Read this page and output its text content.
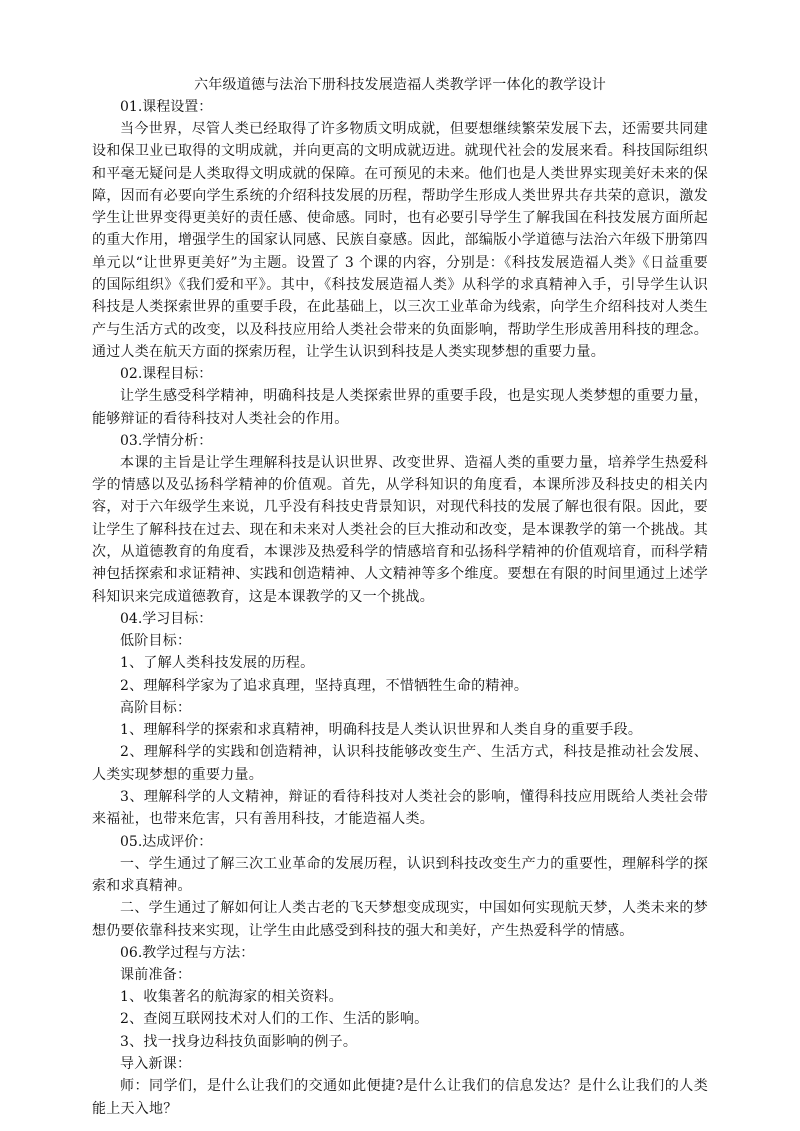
六年级道德与法治下册科技发展造福人类教学评一体化的教学设计
01.课程设置：
当今世界，尽管人类已经取得了许多物质文明成就，但要想继续繁荣发展下去，还需要共同建设和保卫业已取得的文明成就，并向更高的文明成就迈进。就现代社会的发展来看。科技国际组织和平毫无疑问是人类取得文明成就的保障。在可预见的未来。他们也是人类世界实现美好未来的保障，因而有必要向学生系统的介绍科技发展的历程，帮助学生形成人类世界共存共荣的意识，激发学生让世界变得更美好的责任感、使命感。同时，也有必要引导学生了解我国在科技发展方面所起的重大作用，增强学生的国家认同感、民族自豪感。因此，部编版小学道德与法治六年级下册第四单元以“让世界更美好”为主题。设置了 3 个课的内容，分别是：《科技发展造福人类》《日益重要的国际组织》《我们爱和平》。其中，《科技发展造福人类》从科学的求真精神入手，引导学生认识科技是人类探索世界的重要手段，在此基础上，以三次工业革命为线索，向学生介绍科技对人类生产与生活方式的改变，以及科技应用给人类社会带来的负面影响，帮助学生形成善用科技的理念。通过人类在航天方面的探索历程，让学生认识到科技是人类实现梦想的重要力量。
02.课程目标：
让学生感受科学精神，明确科技是人类探索世界的重要手段，也是实现人类梦想的重要力量，能够辩证的看待科技对人类社会的作用。
03.学情分析：
本课的主旨是让学生理解科技是认识世界、改变世界、造福人类的重要力量，培养学生热爱科学的情感以及弘扬科学精神的价值观。首先，从学科知识的角度看，本课所涉及科技史的相关内容，对于六年级学生来说，几乎没有科技史背景知识，对现代科技的发展了解也很有限。因此，要让学生了解科技在过去、现在和未来对人类社会的巨大推动和改变，是本课教学的第一个挑战。其次，从道德教育的角度看，本课涉及热爱科学的情感培育和弘扬科学精神的价值观培育，而科学精神包括探索和求证精神、实践和创造精神、人文精神等多个维度。要想在有限的时间里通过上述学科知识来完成道德教育，这是本课教学的又一个挑战。
04.学习目标：
低阶目标：
1、了解人类科技发展的历程。
2、理解科学家为了追求真理，坚持真理，不惜牺牲生命的精神。
高阶目标：
1、理解科学的探索和求真精神，明确科技是人类认识世界和人类自身的重要手段。
2、理解科学的实践和创造精神，认识科技能够改变生产、生活方式，科技是推动社会发展、人类实现梦想的重要力量。
3、理解科学的人文精神，辩证的看待科技对人类社会的影响，懂得科技应用既给人类社会带来福祉，也带来危害，只有善用科技，才能造福人类。
05.达成评价：
一、学生通过了解三次工业革命的发展历程，认识到科技改变生产力的重要性，理解科学的探索和求真精神。
二、学生通过了解如何让人类古老的飞天梦想变成现实，中国如何实现航天梦，人类未来的梦想仍要依靠科技来实现，让学生由此感受到科技的强大和美好，产生热爱科学的情感。
06.教学过程与方法：
课前准备：
1、收集著名的航海家的相关资料。
2、查阅互联网技术对人们的工作、生活的影响。
3、找一找身边科技负面影响的例子。
导入新课：
师：同学们，是什么让我们的交通如此便捷?是什么让我们的信息发达？是什么让我们的人类能上天入地？
